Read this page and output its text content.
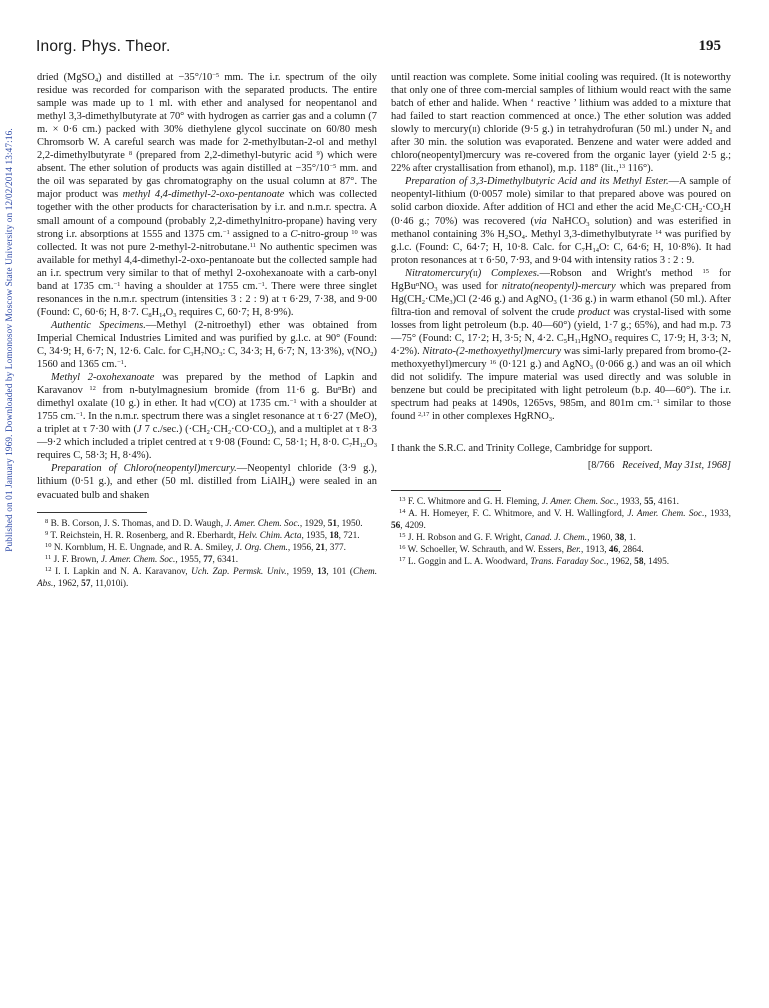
Published on 01 January 1969. Downloaded by Lomonosov Moscow State University on 12/02/2014 13:47:16.
Inorg. Phys. Theor.	195

dried (MgSO$_4$) and distilled at $-35^\circ/10^{-5}$ mm. The i.r. spectrum of the oily residue was recorded for comparison with the separated products. The entire sample was made up to 1 ml. with ether and analysed for neopentanol and methyl 3,3-dimethylbutyrate at 70° with hydrogen as carrier gas and a column (7 m. × 0·6 cm.) packed with 30% diethylene glycol succinate on 60/80 mesh Chromsorb W. A careful search was made for 2-methylbutan-2-ol and methyl 2,2-dimethylbutyrate $^8$ (prepared from 2,2-dimethyl-butyric acid $^9$) which were absent. The ether solution of products was again distilled at $-35^\circ/10^{-5}$ mm. and the oil was separated by gas chromatography on the usual column at 87°. The major product was methyl 4,4-dimethyl-2-oxo-pentanoate which was collected together with the other products for characterisation by i.r. and n.m.r. spectra. A small amount of a compound (probably 2,2-dimethylnitro-propane) having very strong i.r. absorptions at 1555 and 1375 cm.$^{-1}$ assigned to a C-nitro-group $^{10}$ was collected. It was not pure 2-methyl-2-nitrobutane.$^{11}$ No authentic specimen was available for methyl 4,4-dimethyl-2-oxo-pentanoate but the collected sample had an i.r. spectrum very similar to that of methyl 2-oxohexanoate with a carb-onyl band at 1735 cm.$^{-1}$ having a shoulder at 1755 cm.$^{-1}$. There were three singlet resonances in the n.m.r. spectrum (intensities 3 : 2 : 9) at τ 6·29, 7·38, and 9·00 (Found: C, 60·6; H, 8·7. $C_8H_{14}O_3$ requires C, 60·7; H, 8·9%).

Authentic Specimens.—Methyl (2-nitroethyl) ether was obtained from Imperial Chemical Industries Limited and was purified by g.l.c. at 90° (Found: C, 34·9; H, 6·7; N, 12·6. Calc. for $C_3H_7NO_3$: C, 34·3; H, 6·7; N, 13·3%), $\nu(NO_2)$ 1560 and 1365 cm.$^{-1}$.

Methyl 2-oxohexanoate was prepared by the method of Lapkin and Karavanov $^{12}$ from n-butylmagnesium bromide (from 11·6 g. Bu$^n$Br) and dimethyl oxalate (10 g.) in ether. It had ν(CO) at 1735 cm.$^{-1}$ with a shoulder at 1755 cm.$^{-1}$. In the n.m.r. spectrum there was a singlet resonance at τ 6·27 (MeO), a triplet at τ 7·30 with (J 7 c./sec.) $(\cdot CH_2\cdot CH_2\cdot CO\cdot CO_2)$, and a multiplet at τ 8·3—9·2 which included a triplet centred at τ 9·08 (Found: C, 58·1; H, 8·0. $C_7H_{12}O_3$ requires C, 58·3; H, 8·4%).

Preparation of Chloro(neopentyl)mercury.—Neopentyl chloride (3·9 g.), lithium (0·51 g.), and ether (50 ml. distilled from LiAlH$_4$) were sealed in an evacuated bulb and shaken

$^8$ B. B. Corson, J. S. Thomas, and D. D. Waugh, J. Amer. Chem. Soc., 1929, 51, 1950.

$^9$ T. Reichstein, H. R. Rosenberg, and R. Eberhardt, Helv. Chim. Acta, 1935, 18, 721.

$^{10}$ N. Kornblum, H. E. Ungnade, and R. A. Smiley, J. Org. Chem., 1956, 21, 377.

$^{11}$ J. F. Brown, J. Amer. Chem. Soc., 1955, 77, 6341.

$^{12}$ I. I. Lapkin and N. A. Karavanov, Uch. Zap. Permsk. Univ., 1959, 13, 101 (Chem. Abs., 1962, 57, 11,010i).

until reaction was complete. Some initial cooling was required. (It is noteworthy that only one of three com-mercial samples of lithium would react with the same batch of ether and halide. When ‘ reactive ’ lithium was added to a mixture that had failed to start reaction commenced at once.) The ether solution was added slowly to mercury(ii) chloride (9·5 g.) in tetrahydrofuran (50 ml.) under $N_2$ and after 30 min. the solution was evaporated. Benzene and water were added and chloro(neopentyl)mercury was re-covered from the organic layer (yield 2·5 g.; 22% after crystallisation from ethanol), m.p. 118° (lit.,$^{13}$ 116°).

Preparation of 3,3-Dimethylbutyric Acid and its Methyl Ester.—A sample of neopentyl-lithium (0·0057 mole) similar to that prepared above was poured on solid carbon dioxide. After addition of HCl and ether the acid $Me_3C\cdot CH_2\cdot CO_2H$ (0·46 g.; 70%) was recovered (via NaHCO$_3$ solution) and was esterified in methanol containing 3% $H_2SO_4$. Methyl 3,3-dimethylbutyrate $^{14}$ was purified by g.l.c. (Found: C, 64·7; H, 10·8. Calc. for $C_7H_{14}O$: C, 64·6; H, 10·8%). It had proton resonances at τ 6·50, 7·93, and 9·04 with intensity ratios 3 : 2 : 9.

Nitratomercury(ii) Complexes.—Robson and Wright's method $^{15}$ for $HgBu^nNO_3$ was used for nitrato(neopentyl)-mercury which was prepared from $Hg(CH_2\cdot CMe_3)Cl$ (2·46 g.) and AgNO$_3$ (1·36 g.) in warm ethanol (50 ml.). After filtra-tion and removal of solvent the crude product was crystal-lised with some losses from light petroleum (b.p. 40—60°) (yield, 1·7 g.; 65%), and had m.p. 73—75° (Found: C, 17·2; H, 3·5; N, 4·2. $C_5H_{11}HgNO_3$ requires C, 17·9; H, 3·3; N, 4·2%). Nitrato-(2-methoxyethyl)mercury was simi-larly prepared from bromo-(2-methoxyethyl)mercury $^{16}$ (0·121 g.) and AgNO$_3$ (0·066 g.) and was an oil which did not solidify. The impure material was used directly and was soluble in benzene but could be precipitated with light petroleum (b.p. 40—60°). The i.r. spectrum had peaks at 1490s, 1265vs, 985m, and 801m cm.$^{-1}$ similar to those found $^{2,17}$ in other complexes HgRNO$_3$.

I thank the S.R.C. and Trinity College, Cambridge for support.

[8/766 Received, May 31st, 1968]

$^{13}$ F. C. Whitmore and G. H. Fleming, J. Amer. Chem. Soc., 1933, 55, 4161.

$^{14}$ A. H. Homeyer, F. C. Whitmore, and V. H. Wallingford, J. Amer. Chem. Soc., 1933, 56, 4209.

$^{15}$ J. H. Robson and G. F. Wright, Canad. J. Chem., 1960, 38, 1.

$^{16}$ W. Schoeller, W. Schrauth, and W. Essers, Ber., 1913, 46, 2864.

$^{17}$ L. Goggin and L. A. Woodward, Trans. Faraday Soc., 1962, 58, 1495.
